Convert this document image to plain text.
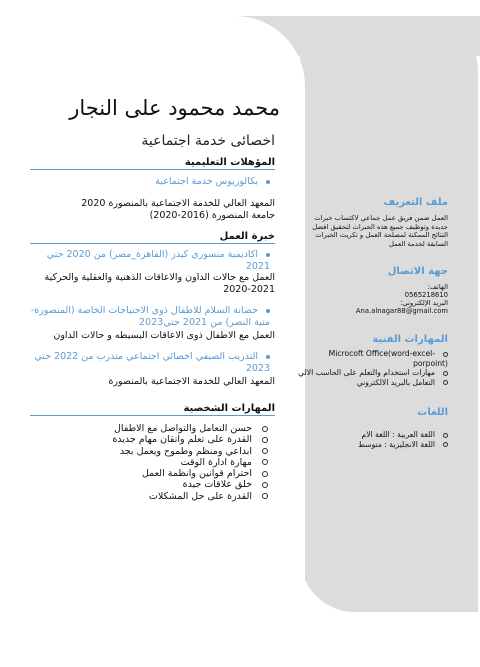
محمد محمود على النجار
اخصائى خدمة اجتماعية
المؤهلات التعليمية
بكالوريوس خدمة اجتماعية
المعهد العالي للخدمة الاجتماعية بالمنصورة 2020
جامعة المنصورة (2016-2020)
خبرة العمل
اكاديمية منسوري كيدز (القاهرة_مصر) من 2020 حتي 2021
العمل مع حالات الداون والاعاقات الذهنية والعقلية والحركية 2021-2020
حضانة السلام للاطفال ذوي الاحتياجات الخاصة (المنصورة- منية النصر) من 2021 حتي2023
العمل مع الاطفال ذوى الاعاقات البسيطه و حالات الداون
التدريب الصيفي اخصائي اجتماعي متدرب من 2022 حتي 2023
المعهد العالي للخدمة الاجتماعية بالمنصورة
المهارات الشخصية
حسن التعامل والتواصل مع الاطفال
القدرة على تعلم واتقان مهام جديدة
ابداعي ومنظم وطموح ويعمل بجد
مهارة ادارة الوقت
احترام قوانين وانظمة العمل
خلق علاقات جيدة
القدرة على حل المشكلات
ملف التعريف
العمل ضمن فريق عمل جماعي لاكتساب خبرات جديدة وتوظيف جميع هذه الخبرات لتحقيق افضل النتائج الممكنة لمصلحة العمل و تكريث الخبرات السابقة لخدمة العمل
جهة الاتصال
الهاتف:
0565218610
البريد الإلكتروني:
Ana.alnagar88@gmail.com
المهارات الفنية
Microcoft Office(word-excel-porpoint)
مهارات استخدام والتعلم على الحاسب الالي
التعامل بالبريد الالكتروني
اللغات
اللغة العربية : اللغة الام
اللغة الانجليزية : متوسط
